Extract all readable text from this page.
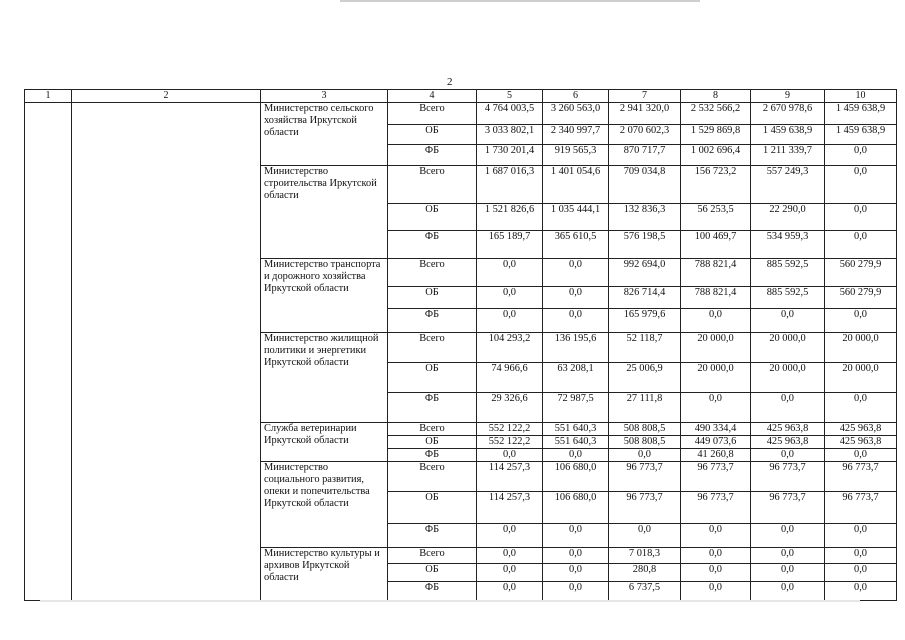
2
1	2	3	4	5	6	7	8	9	10
		Министерство сельского хозяйства Иркутской области	Всего	4 764 003,5	3 260 563,0	2 941 320,0	2 532 566,2	2 670 978,6	1 459 638,9
			ОБ	3 033 802,1	2 340 997,7	2 070 602,3	1 529 869,8	1 459 638,9	1 459 638,9
			ФБ	1 730 201,4	919 565,3	870 717,7	1 002 696,4	1 211 339,7	0,0
		Министерство строительства Иркутской области	Всего	1 687 016,3	1 401 054,6	709 034,8	156 723,2	557 249,3	0,0
			ОБ	1 521 826,6	1 035 444,1	132 836,3	56 253,5	22 290,0	0,0
			ФБ	165 189,7	365 610,5	576 198,5	100 469,7	534 959,3	0,0
		Министерство транспорта и дорожного хозяйства Иркутской области	Всего	0,0	0,0	992 694,0	788 821,4	885 592,5	560 279,9
			ОБ	0,0	0,0	826 714,4	788 821,4	885 592,5	560 279,9
			ФБ	0,0	0,0	165 979,6	0,0	0,0	0,0
		Министерство жилищной политики и энергетики Иркутской области	Всего	104 293,2	136 195,6	52 118,7	20 000,0	20 000,0	20 000,0
			ОБ	74 966,6	63 208,1	25 006,9	20 000,0	20 000,0	20 000,0
			ФБ	29 326,6	72 987,5	27 111,8	0,0	0,0	0,0
		Служба ветеринарии Иркутской области	Всего	552 122,2	551 640,3	508 808,5	490 334,4	425 963,8	425 963,8
			ОБ	552 122,2	551 640,3	508 808,5	449 073,6	425 963,8	425 963,8
			ФБ	0,0	0,0	0,0	41 260,8	0,0	0,0
		Министерство социального развития, опеки и попечительства Иркутской области	Всего	114 257,3	106 680,0	96 773,7	96 773,7	96 773,7	96 773,7
			ОБ	114 257,3	106 680,0	96 773,7	96 773,7	96 773,7	96 773,7
			ФБ	0,0	0,0	0,0	0,0	0,0	0,0
		Министерство культуры и архивов Иркутской области	Всего	0,0	0,0	7 018,3	0,0	0,0	0,0
			ОБ	0,0	0,0	280,8	0,0	0,0	0,0
			ФБ	0,0	0,0	6 737,5	0,0	0,0	0,0
